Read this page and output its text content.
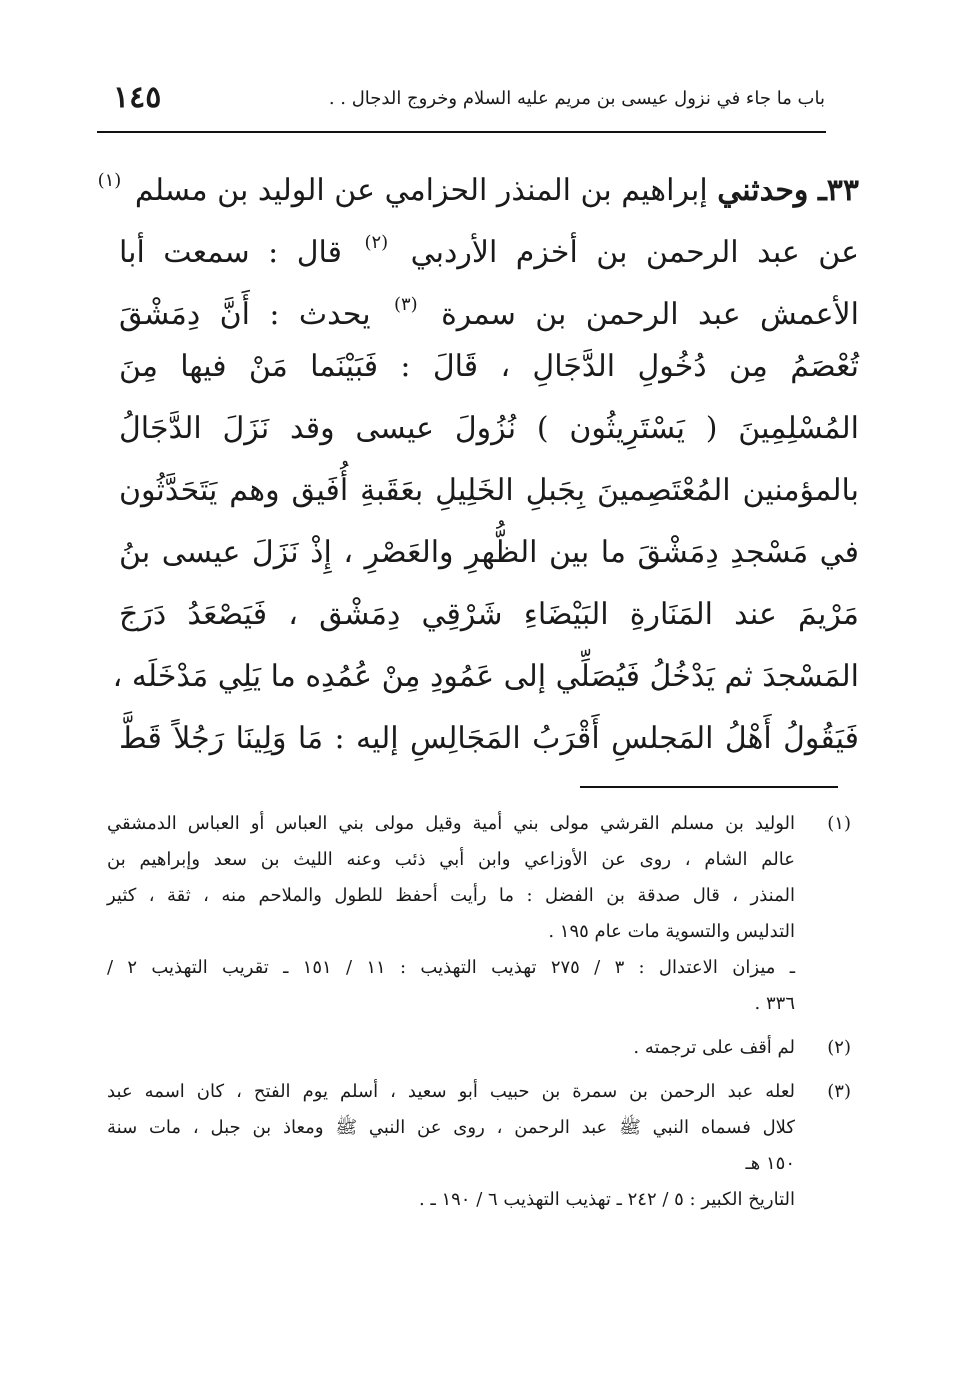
باب ما جاء في نزول عيسى بن مريم عليه السلام وخروج الدجال . .
١٤٥
٣٣ـ وحدثني إبراهيم بن المنذر الحزامي عن الوليد بن مسلم $^{(١)}$
عن عبد الرحمن بن أخزم الأردبي $^{(٢)}$ قال : سمعت أبا
الأعمش عبد الرحمن بن سمرة $^{(٣)}$ يحدث : أَنَّ دِمَشْقَ
تُعْصَمُ مِن دُخُولِ الدَّجَالِ ، قَالَ : فَبَيْنَما مَنْ فيها مِنَ
المُسْلِمِينَ ( يَسْتَرِيثُون ) نُزُولَ عيسى وقد نَزَلَ الدَّجَالُ
بالمؤمنين المُعْتَصِمينَ بِجَبلِ الخَلِيلِ بعَقَبةِ أُفَيق وهم يَتَحَدَّثُون
في مَسْجدِ دِمَشْقَ ما بين الظُّهرِ والعَصْرِ ، إِذْ نَزَلَ عيسى بنُ
مَرْيمَ عند المَنَارةِ البَيْضَاءِ شَرْقِي دِمَشْق ، فَيَصْعَدُ دَرَجَ
المَسْجدَ ثم يَدْخُلُ فَيُصَلِّي إلى عَمُودِ مِنْ عُمُدِه ما يَلِي مَدْخَلَه ،
فَيَقُولُ أَهْلُ المَجلسِ أَقْرَبُ المَجَالِسِ إليه : مَا وَلِينَا رَجُلاً قَطَّ
(١)
الوليد بن مسلم القرشي مولى بني أمية وقيل مولى بني العباس أو العباس الدمشقي
عالم الشام ، روى عن الأوزاعي وابن أبي ذئب وعنه الليث بن سعد وإبراهيم بن
المنذر ، قال صدقة بن الفضل : ما رأيت أحفظ للطول والملاحم منه ، ثقة ، كثير
التدليس والتسوية مات عام ١٩٥ .
ـ ميزان الاعتدال : ٣ / ٢٧٥ تهذيب التهذيب : ١١ / ١٥١ ـ تقريب التهذيب ٢ /
٣٣٦ .
(٢)
لم أقف على ترجمته .
(٣)
لعله عبد الرحمن بن سمرة بن حبيب أبو سعيد ، أسلم يوم الفتح ، كان اسمه عبد
كلال فسماه النبي ﷺ عبد الرحمن ، روى عن النبي ﷺ ومعاذ بن جبل ، مات سنة
١٥٠ هـ
التاريخ الكبير : ٥ / ٢٤٢ ـ تهذيب التهذيب ٦ / ١٩٠ ـ .
